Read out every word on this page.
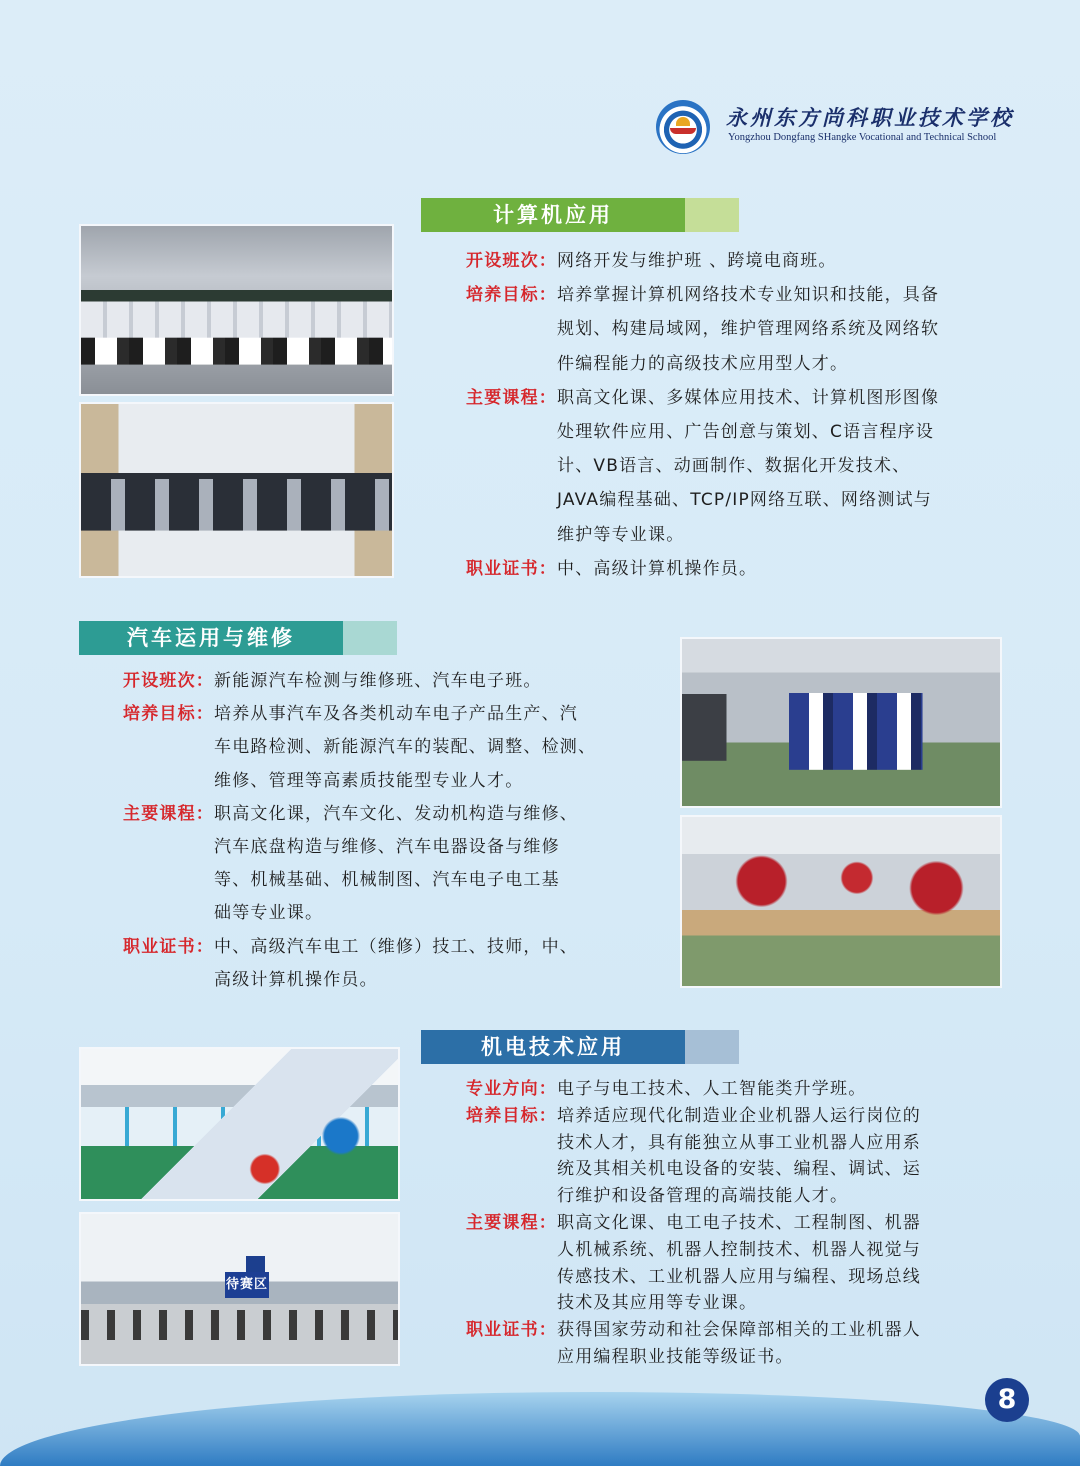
永州东方尚科职业技术学校
Yongzhou Dongfang SHangke Vocational and Technical School
计算机应用
开设班次： 网络开发与维护班 、跨境电商班。
培养目标： 培养掌握计算机网络技术专业知识和技能，具备
规划、构建局域网，维护管理网络系统及网络软
件编程能力的高级技术应用型人才。
主要课程： 职高文化课、多媒体应用技术、计算机图形图像
处理软件应用、广告创意与策划、C语言程序设
计、VB语言、动画制作、数据化开发技术、
JAVA编程基础、TCP/IP网络互联、网络测试与
维护等专业课。
职业证书： 中、高级计算机操作员。
汽车运用与维修
开设班次： 新能源汽车检测与维修班、汽车电子班。
培养目标： 培养从事汽车及各类机动车电子产品生产、汽
车电路检测、新能源汽车的装配、调整、检测、
维修、管理等高素质技能型专业人才。
主要课程： 职高文化课，汽车文化、发动机构造与维修、
汽车底盘构造与维修、汽车电器设备与维修
等、机械基础、机械制图、汽车电子电工基
础等专业课。
职业证书： 中、高级汽车电工（维修）技工、技师，中、
高级计算机操作员。
机电技术应用
待赛区
专业方向： 电子与电工技术、人工智能类升学班。
培养目标： 培养适应现代化制造业企业机器人运行岗位的
技术人才，具有能独立从事工业机器人应用系
统及其相关机电设备的安装、编程、调试、运
行维护和设备管理的高端技能人才。
主要课程： 职高文化课、电工电子技术、工程制图、机器
人机械系统、机器人控制技术、机器人视觉与
传感技术、工业机器人应用与编程、现场总线
技术及其应用等专业课。
职业证书： 获得国家劳动和社会保障部相关的工业机器人
应用编程职业技能等级证书。
8
